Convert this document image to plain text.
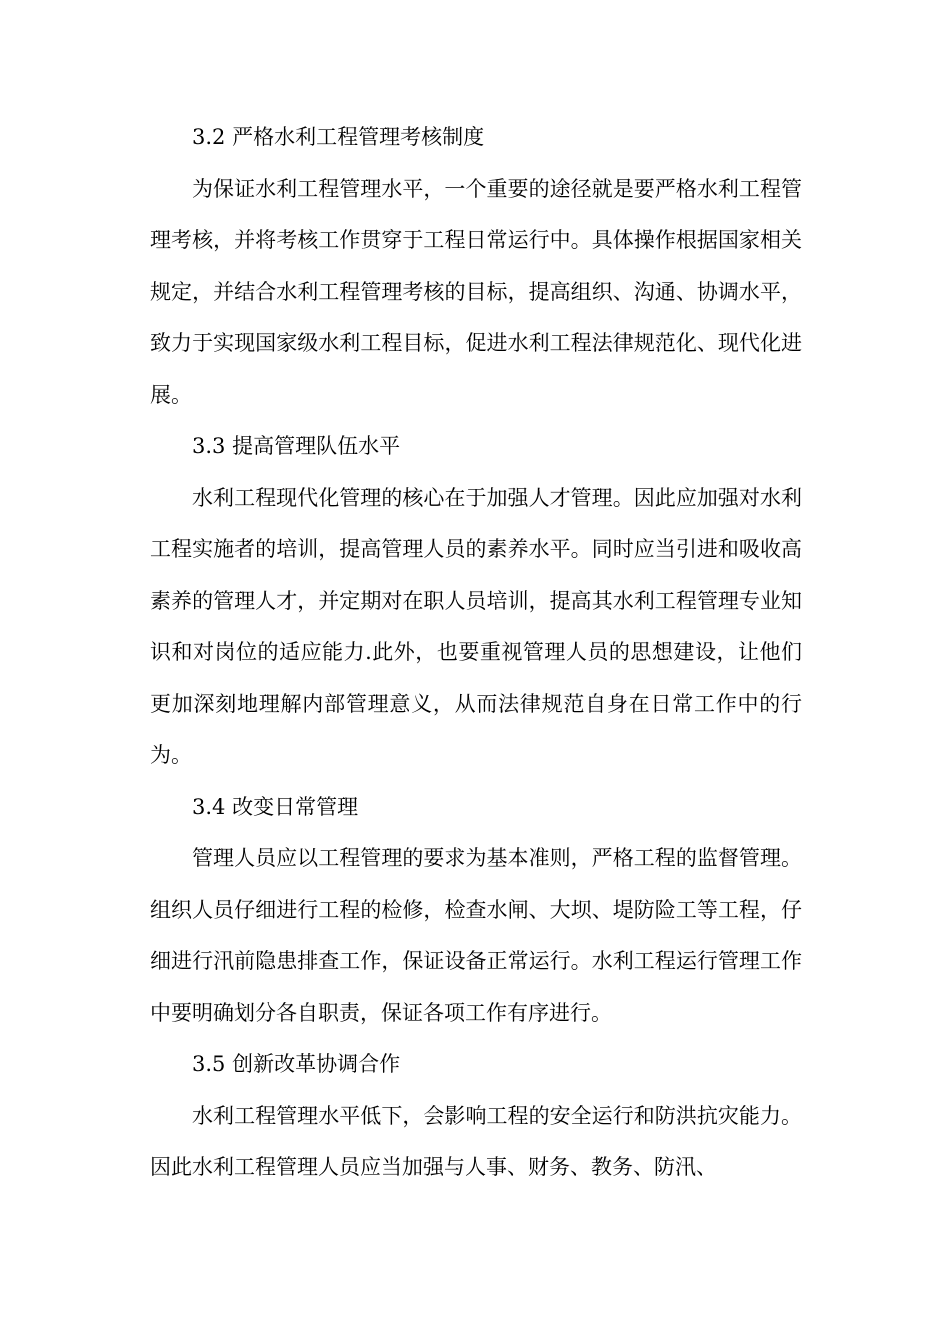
3.2 严格水利工程管理考核制度

为保证水利工程管理水平，一个重要的途径就是要严格水利工程管理考核，并将考核工作贯穿于工程日常运行中。具体操作根据国家相关规定，并结合水利工程管理考核的目标，提高组织、沟通、协调水平，致力于实现国家级水利工程目标，促进水利工程法律规范化、现代化进展。

3.3 提高管理队伍水平

水利工程现代化管理的核心在于加强人才管理。因此应加强对水利工程实施者的培训，提高管理人员的素养水平。同时应当引进和吸收高素养的管理人才，并定期对在职人员培训，提高其水利工程管理专业知识和对岗位的适应能力.此外，也要重视管理人员的思想建设，让他们更加深刻地理解内部管理意义，从而法律规范自身在日常工作中的行为。

3.4 改变日常管理

管理人员应以工程管理的要求为基本准则，严格工程的监督管理。组织人员仔细进行工程的检修，检查水闸、大坝、堤防险工等工程，仔细进行汛前隐患排查工作，保证设备正常运行。水利工程运行管理工作中要明确划分各自职责，保证各项工作有序进行。

3.5 创新改革协调合作

水利工程管理水平低下，会影响工程的安全运行和防洪抗灾能力。因此水利工程管理人员应当加强与人事、财务、教务、防汛、
